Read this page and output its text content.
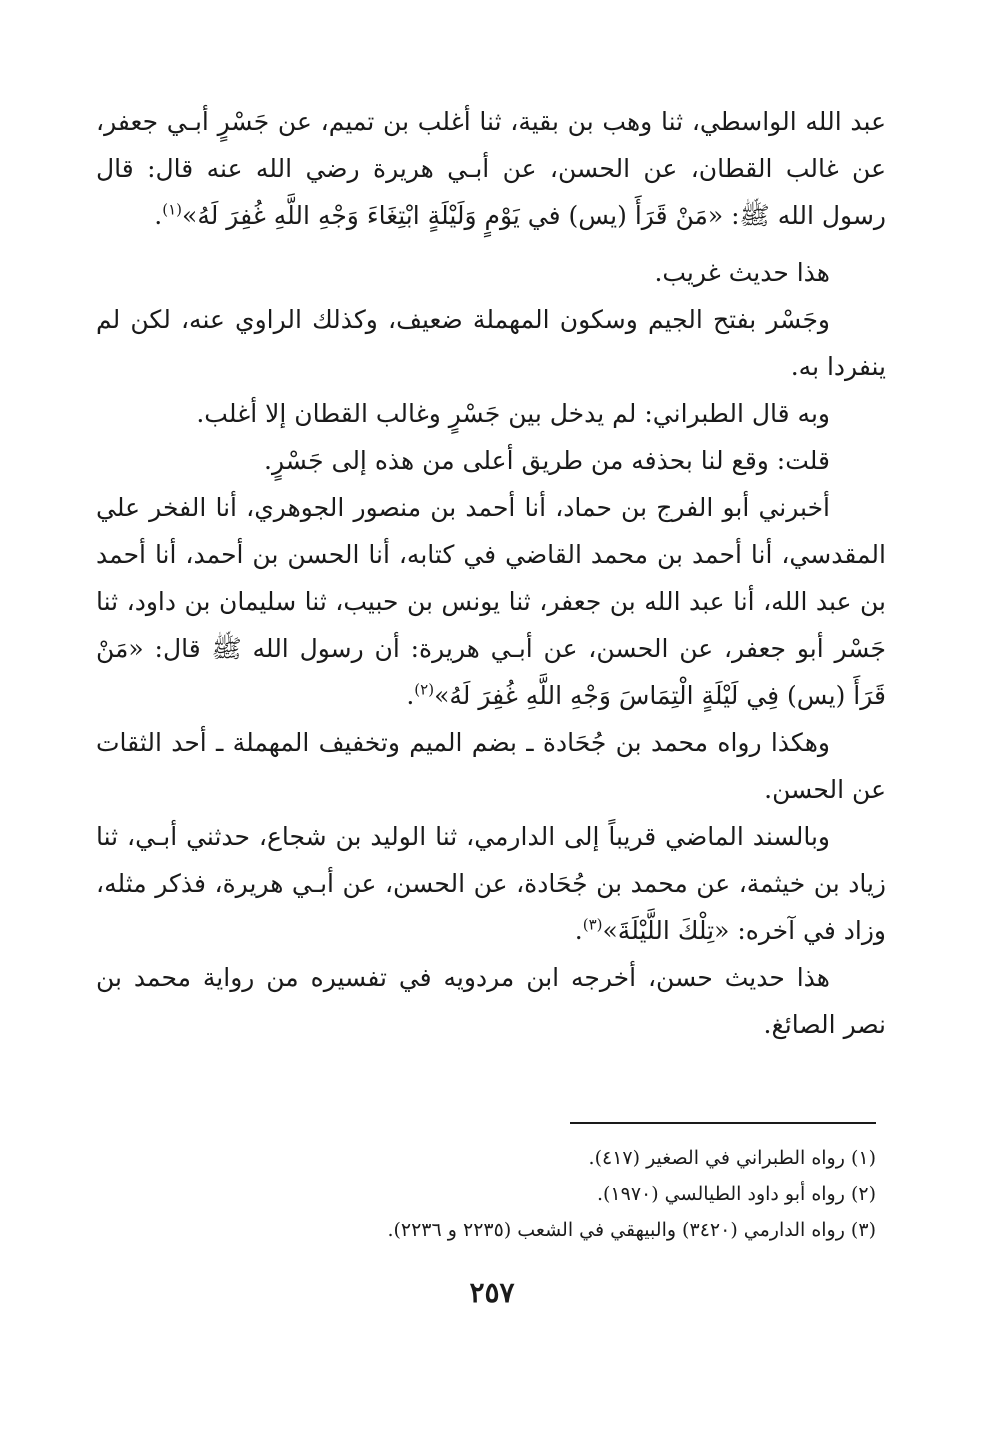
عبد الله الواسطي، ثنا وهب بن بقية، ثنا أغلب بن تميم، عن جَسْرٍ أبـي جعفر، عن غالب القطان، عن الحسن، عن أبـي هريرة رضي الله عنه قال: قال رسول الله ﷺ: «مَنْ قَرَأَ (يس) في يَوْمٍ وَلَيْلَةٍ ابْتِغَاءَ وَجْهِ اللَّهِ غُفِرَ لَهُ»$^{(١)}$.

هذا حديث غريب.

وجَسْر بفتح الجيم وسكون المهملة ضعيف، وكذلك الراوي عنه، لكن لم ينفردا به.

وبه قال الطبراني: لم يدخل بين جَسْرٍ وغالب القطان إلا أغلب.

قلت: وقع لنا بحذفه من طريق أعلى من هذه إلى جَسْرٍ.

أخبرني أبو الفرج بن حماد، أنا أحمد بن منصور الجوهري، أنا الفخر علي المقدسي، أنا أحمد بن محمد القاضي في كتابه، أنا الحسن بن أحمد، أنا أحمد بن عبد الله، أنا عبد الله بن جعفر، ثنا يونس بن حبيب، ثنا سليمان بن داود، ثنا جَسْر أبو جعفر، عن الحسن، عن أبـي هريرة: أن رسول الله ﷺ قال: «مَنْ قَرَأَ (يس) فِي لَيْلَةٍ الْتِمَاسَ وَجْهِ اللَّهِ غُفِرَ لَهُ»$^{(٢)}$.

وهكذا رواه محمد بن جُحَادة ـ بضم الميم وتخفيف المهملة ـ أحد الثقات عن الحسن.

وبالسند الماضي قريباً إلى الدارمي، ثنا الوليد بن شجاع، حدثني أبـي، ثنا زياد بن خيثمة، عن محمد بن جُحَادة، عن الحسن، عن أبـي هريرة، فذكر مثله، وزاد في آخره: «تِلْكَ اللَّيْلَةَ»$^{(٣)}$.

هذا حديث حسن، أخرجه ابن مردويه في تفسيره من رواية محمد بن نصر الصائغ.

(١) رواه الطبراني في الصغير (٤١٧).

(٢) رواه أبو داود الطيالسي (١٩٧٠).

(٣) رواه الدارمي (٣٤٢٠) والبيهقي في الشعب (٢٢٣٥ و ٢٢٣٦).

٢٥٧
